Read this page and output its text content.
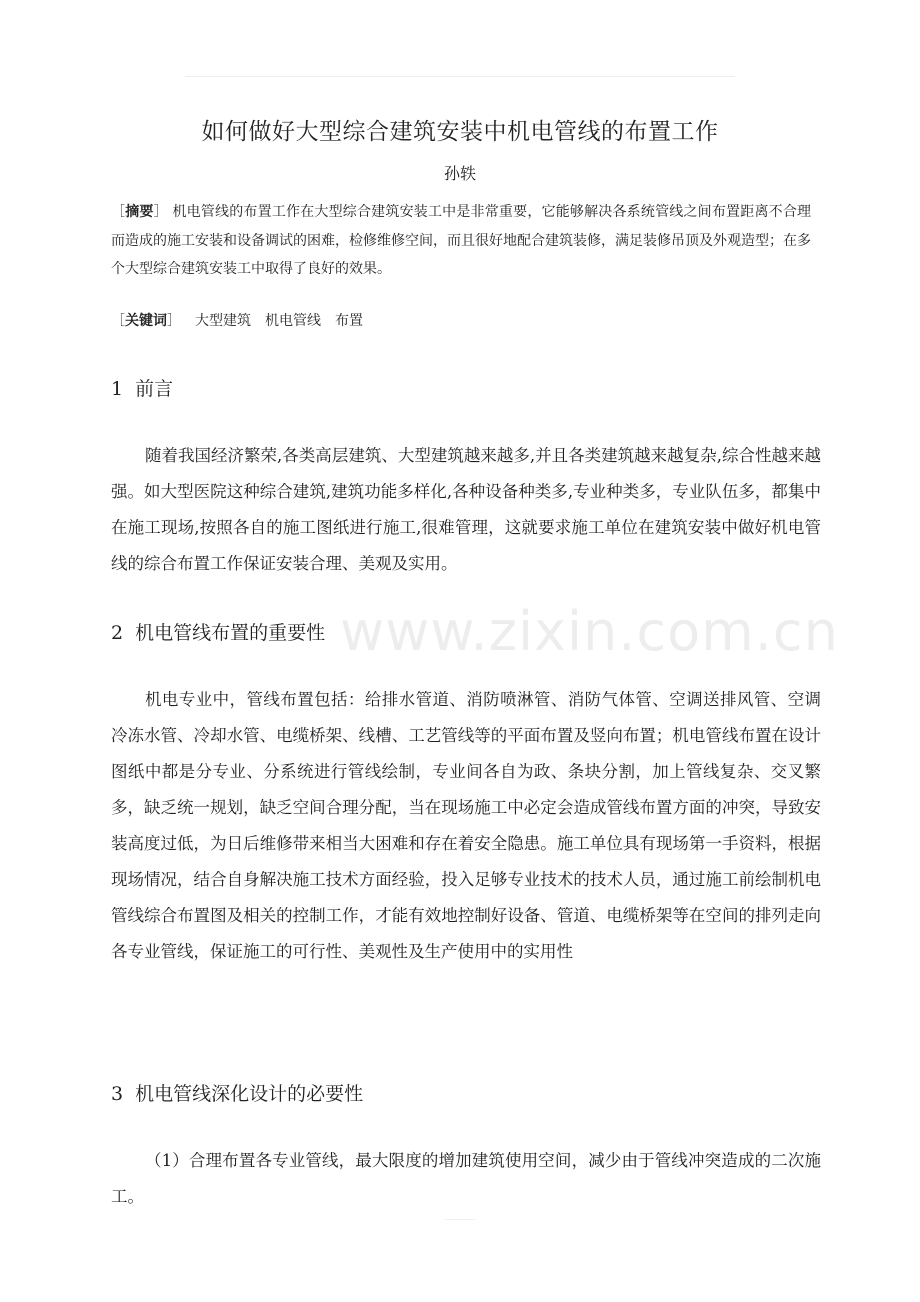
如何做好大型综合建筑安装中机电管线的布置工作
孙轶
［摘要］ 机电管线的布置工作在大型综合建筑安装工中是非常重要，它能够解决各系统管线之间布置距离不合理而造成的施工安装和设备调试的困难，检修维修空间，而且很好地配合建筑装修，满足装修吊顶及外观造型；在多个大型综合建筑安装工中取得了良好的效果。
［关键词］ 大型建筑 机电管线 布置
1 前言
随着我国经济繁荣,各类高层建筑、大型建筑越来越多,并且各类建筑越来越复杂,综合性越来越强。如大型医院这种综合建筑,建筑功能多样化,各种设备种类多,专业种类多，专业队伍多，都集中在施工现场,按照各自的施工图纸进行施工,很难管理，这就要求施工单位在建筑安装中做好机电管线的综合布置工作保证安装合理、美观及实用。
2 机电管线布置的重要性
机电专业中，管线布置包括：给排水管道、消防喷淋管、消防气体管、空调送排风管、空调冷冻水管、冷却水管、电缆桥架、线槽、工艺管线等的平面布置及竖向布置；机电管线布置在设计图纸中都是分专业、分系统进行管线绘制，专业间各自为政、条块分割，加上管线复杂、交叉繁多，缺乏统一规划，缺乏空间合理分配，当在现场施工中必定会造成管线布置方面的冲突，导致安装高度过低，为日后维修带来相当大困难和存在着安全隐患。施工单位具有现场第一手资料，根据现场情况，结合自身解决施工技术方面经验，投入足够专业技术的技术人员，通过施工前绘制机电管线综合布置图及相关的控制工作，才能有效地控制好设备、管道、电缆桥架等在空间的排列走向各专业管线，保证施工的可行性、美观性及生产使用中的实用性
3 机电管线深化设计的必要性
（1）合理布置各专业管线，最大限度的增加建筑使用空间，减少由于管线冲突造成的二次施工。
www.zixin.com.cn
